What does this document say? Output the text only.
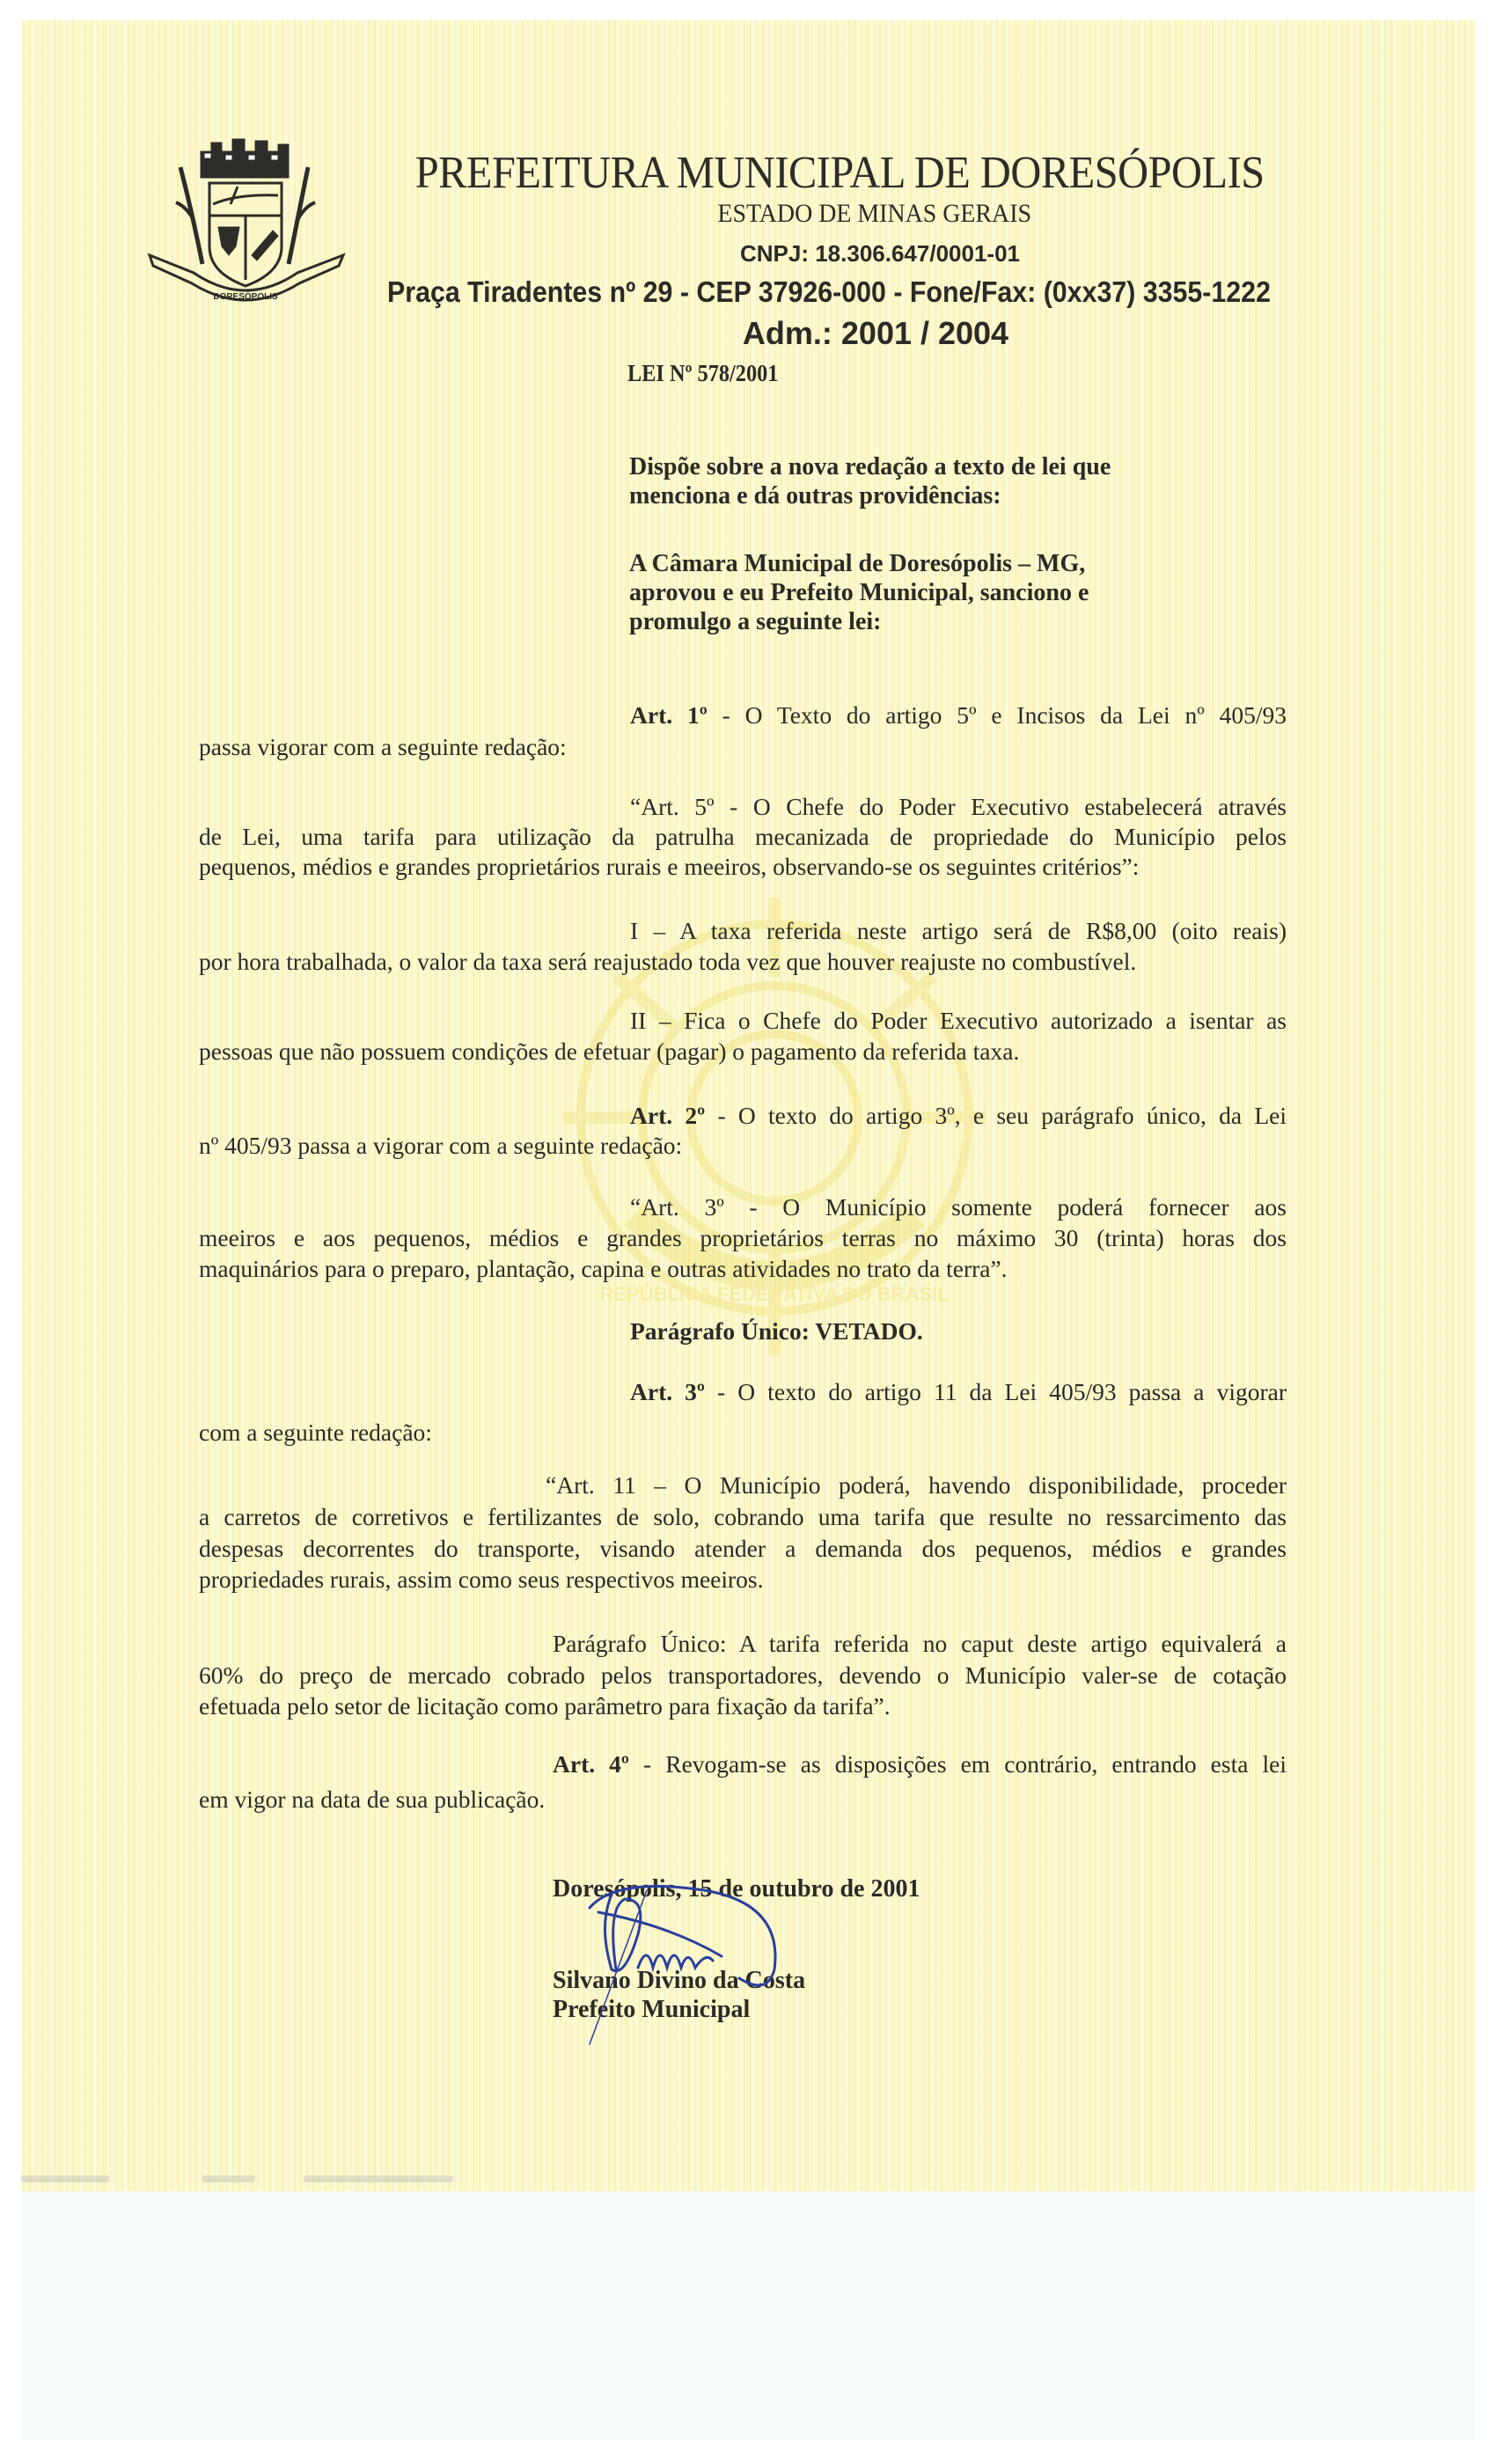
REPÚBLICA FEDERATIVA DO BRASIL
DORESÓPOLIS
PREFEITURA MUNICIPAL DE DORESÓPOLIS
ESTADO DE MINAS GERAIS
CNPJ: 18.306.647/0001-01
Praça Tiradentes nº 29 - CEP 37926-000 - Fone/Fax: (0xx37) 3355-1222
Adm.: 2001 / 2004
LEI Nº 578/2001
Dispõe sobre a nova redação a texto de lei que
menciona e dá outras providências:
A Câmara Municipal de Doresópolis – MG,
aprovou e eu Prefeito Municipal, sanciono e
promulgo a seguinte lei:
Art. 1º - O Texto do artigo 5º e Incisos da Lei nº 405/93
passa vigorar com a seguinte redação:
“Art. 5º - O Chefe do Poder Executivo estabelecerá através
de Lei, uma tarifa para utilização da patrulha mecanizada de propriedade do Município pelos
pequenos, médios e grandes proprietários rurais e meeiros, observando-se os seguintes critérios”:
I – A taxa referida neste artigo será de R$8,00 (oito reais)
por hora trabalhada, o valor da taxa será reajustado toda vez que houver reajuste no combustível.
II – Fica o Chefe do Poder Executivo autorizado a isentar as
pessoas que não possuem condições de efetuar (pagar) o pagamento da referida taxa.
Art. 2º - O texto do artigo 3º, e seu parágrafo único, da Lei
nº 405/93 passa a vigorar com a seguinte redação:
“Art. 3º - O Município somente poderá fornecer aos
meeiros e aos pequenos, médios e grandes proprietários terras no máximo 30 (trinta) horas dos
maquinários para o preparo, plantação, capina e outras atividades no trato da terra”.
Parágrafo Único: VETADO.
Art. 3º - O texto do artigo 11 da Lei 405/93 passa a vigorar
com a seguinte redação:
“Art. 11 – O Município poderá, havendo disponibilidade, proceder
a carretos de corretivos e fertilizantes de solo, cobrando uma tarifa que resulte no ressarcimento das
despesas decorrentes do transporte, visando atender a demanda dos pequenos, médios e grandes
propriedades rurais, assim como seus respectivos meeiros.
Parágrafo Único: A tarifa referida no caput deste artigo equivalerá a
60% do preço de mercado cobrado pelos transportadores, devendo o Município valer-se de cotação
efetuada pelo setor de licitação como parâmetro para fixação da tarifa”.
Art. 4º - Revogam-se as disposições em contrário, entrando esta lei
em vigor na data de sua publicação.
Doresópolis, 15 de outubro de 2001
Silvano Divino da Costa
Prefeito Municipal
